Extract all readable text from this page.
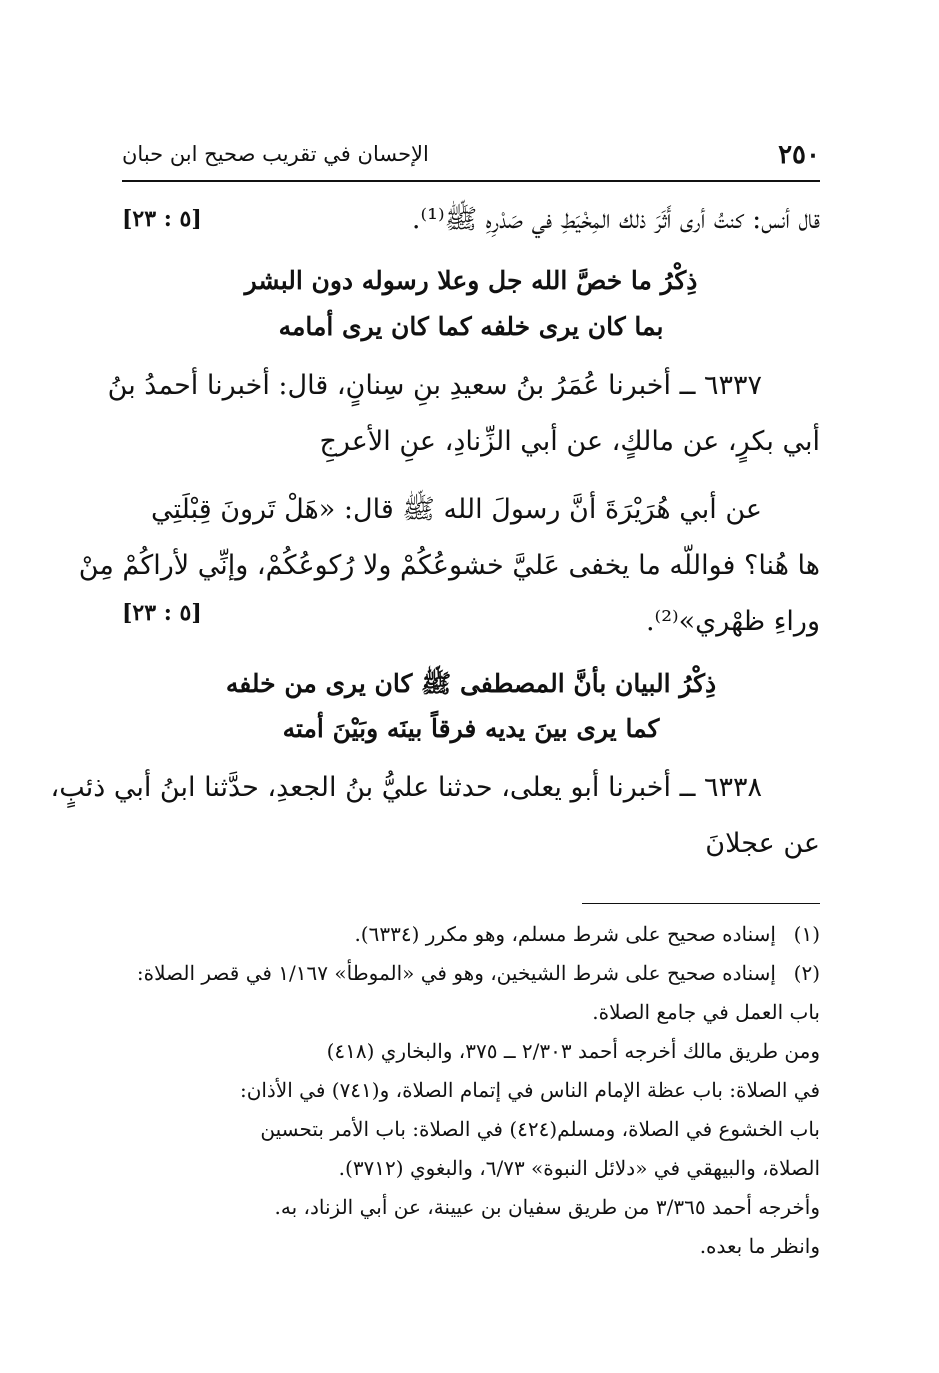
٢٥٠
الإحسان في تقريب صحيح ابن حبان
قال أنس: كنتُ أرى أَثَرَ ذلك المِخْيَطِ في صَدْرِهِ ﷺ⁽¹⁾.
[٥ : ٢٣]
ذِكْرُ ما خصَّ الله جل وعلا رسوله دون البشر
بما كان يرى خلفه كما كان يرى أمامه
٦٣٣٧ ــ أخبرنا عُمَرُ بنُ سعيدِ بنِ سِنانٍ، قال: أخبرنا أحمدُ بنُ
أبي بكرٍ، عن مالكٍ، عن أبي الزِّنادِ، عنِ الأعرجِ
عن أبي هُرَيْرَةَ أنَّ رسولَ الله ﷺ قال: «هَلْ تَرونَ قِبْلَتِي
ها هُنا؟ فواللّه ما يخفى عَليَّ خشوعُكُمْ ولا رُكوعُكُمْ، وإنِّي لأراكُمْ مِنْ
وراءِ ظهْري»⁽²⁾.
[٥ : ٢٣]
ذِكْرُ البيان بأنَّ المصطفى ﷺ كان يرى من خلفه
كما يرى بينَ يديه فرقاً بينَه وبَيْنَ أمته
٦٣٣٨ ــ أخبرنا أبو يعلى، حدثنا عليُّ بنُ الجعدِ، حدَّثنا ابنُ أبي ذئبٍ،
عن عجلانَ
(١)إسناده صحيح على شرط مسلم، وهو مكرر (٦٣٣٤).
(٢)إسناده صحيح على شرط الشيخين، وهو في «الموطأ» ١/١٦٧ في قصر الصلاة:
باب العمل في جامع الصلاة.
ومن طريق مالك أخرجه أحمد ٢/٣٠٣ ــ ٣٧٥، والبخاري (٤١٨)
في الصلاة: باب عظة الإمام الناس في إتمام الصلاة، و(٧٤١) في الأذان:
باب الخشوع في الصلاة، ومسلم(٤٢٤) في الصلاة: باب الأمر بتحسين
الصلاة، والبيهقي في «دلائل النبوة» ٦/٧٣، والبغوي (٣٧١٢).
وأخرجه أحمد ٣/٣٦٥ من طريق سفيان بن عيينة، عن أبي الزناد، به.
وانظر ما بعده.
